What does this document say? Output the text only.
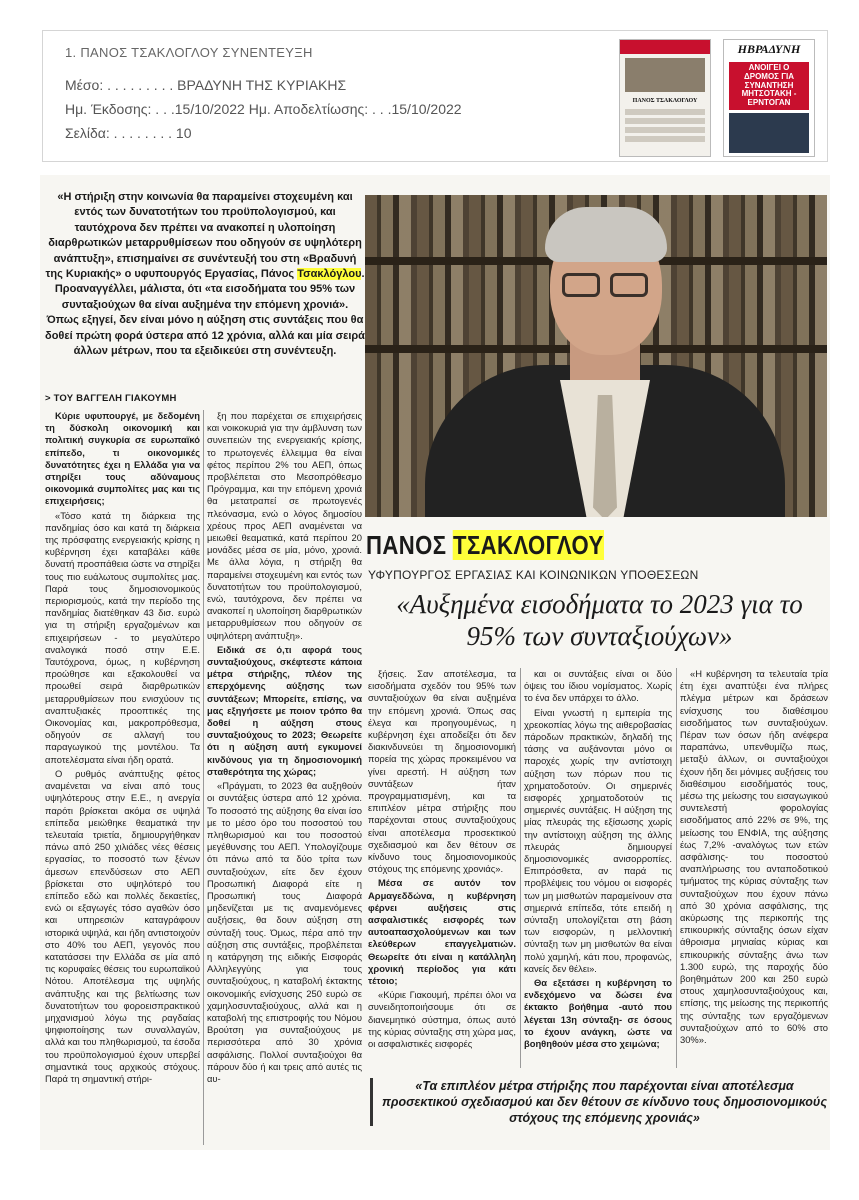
1. ΠΑΝΟΣ ΤΣΑΚΛΟΓΛΟΥ ΣΥΝΕΝΤΕΥΞΗ
Μέσο: . . . . . . . . . ΒΡΑΔΥΝΗ ΤΗΣ ΚΥΡΙΑΚΗΣ
Ημ. Έκδοσης: . . .15/10/2022 Ημ. Αποδελτίωσης: . . .15/10/2022
Σελίδα: . . . . . . . . 10
ΠΑΝΟΣ ΤΣΑΚΛΟΓΛΟΥ
ΗΒΡΑΔΥΝΗ
ΑΝΟΙΓΕΙ Ο ΔΡΟΜΟΣ ΓΙΑ ΣΥΝΑΝΤΗΣΗ ΜΗΤΣΟΤΑΚΗ - ΕΡΝΤΟΓΑΝ
«Η στήριξη στην κοινωνία θα παραμείνει στοχευμένη και εντός των δυνατοτήτων του προϋπολογισμού, και ταυτόχρονα δεν πρέπει να ανακοπεί η υλοποίηση διαρθρωτικών μεταρρυθμίσεων που οδηγούν σε υψηλότερη ανάπτυξη», επισημαίνει σε συνέντευξή του στη «Βραδυνή της Κυριακής» ο υφυπουργός Εργασίας, Πάνος Τσακλόγλου. Προαναγγέλλει, μάλιστα, ότι «τα εισοδήματα του 95% των συνταξιούχων θα είναι αυξημένα την επόμενη χρονιά». Όπως εξηγεί, δεν είναι μόνο η αύξηση στις συντάξεις που θα δοθεί πρώτη φορά ύστερα από 12 χρόνια, αλλά και μία σειρά άλλων μέτρων, που τα εξειδικεύει στη συνέντευξη.
> ΤΟΥ ΒΑΓΓΕΛΗ ΓΙΑΚΟΥΜΗ
ΠΑΝΟΣ ΤΣΑΚΛΟΓΛΟΥ
ΥΦΥΠΟΥΡΓΟΣ ΕΡΓΑΣΙΑΣ ΚΑΙ ΚΟΙΝΩΝΙΚΩΝ ΥΠΟΘΕΣΕΩΝ
«Αυξημένα εισοδήματα το 2023 για το 95% των συνταξιούχων»

Κύριε υφυπουργέ, με δεδομένη τη δύσκολη οικονομική και πολιτική συγκυρία σε ευρωπαϊκό επίπεδο, τι οικονομικές δυνατότητες έχει η Ελλάδα για να στηρίξει τους αδύναμους οικονομικά συμπολίτες μας και τις επιχειρήσεις;

«Τόσο κατά τη διάρκεια της πανδημίας όσο και κατά τη διάρκεια της πρόσφατης ενεργειακής κρίσης η κυβέρνηση έχει καταβάλει κάθε δυνατή προσπάθεια ώστε να στηρίξει τους πιο ευάλωτους συμπολίτες μας. Παρά τους δημοσιονομικούς περιορισμούς, κατά την περίοδο της πανδημίας διατέθηκαν 43 δισ. ευρώ για τη στήριξη εργαζομένων και επιχειρήσεων - το μεγαλύτερο αναλογικά ποσό στην Ε.Ε. Ταυτόχρονα, όμως, η κυβέρνηση προώθησε και εξακολουθεί να προωθεί σειρά διαρθρωτικών μεταρρυθμίσεων που ενισχύουν τις αναπτυξιακές προοπτικές της Οικονομίας και, μακροπρόθεσμα, οδηγούν σε αλλαγή του παραγωγικού της μοντέλου. Τα αποτελέσματα είναι ήδη ορατά.

Ο ρυθμός ανάπτυξης φέτος αναμένεται να είναι από τους υψηλότερους στην Ε.Ε., η ανεργία παρότι βρίσκεται ακόμα σε υψηλά επίπεδα μειώθηκε θεαματικά την τελευταία τριετία, δημιουργήθηκαν πάνω από 250 χιλιάδες νέες θέσεις εργασίας, το ποσοστό των ξένων άμεσων επενδύσεων στο ΑΕΠ βρίσκεται στο υψηλότερό του επίπεδο εδώ και πολλές δεκαετίες, ενώ οι εξαγωγές τόσο αγαθών όσο και υπηρεσιών καταγράφουν ιστορικά υψηλά, και ήδη αντιστοιχούν στο 40% του ΑΕΠ, γεγονός που κατατάσσει την Ελλάδα σε μία από τις κορυφαίες θέσεις του ευρωπαϊκού Νότου. Αποτέλεσμα της υψηλής ανάπτυξης και της βελτίωσης των δυνατοτήτων του φοροεισπρακτικού μηχανισμού λόγω της ραγδαίας ψηφιοποίησης των συναλλαγών, αλλά και του πληθωρισμού, τα έσοδα του προϋπολογισμού έχουν υπερβεί σημαντικά τους αρχικούς στόχους. Παρά τη σημαντική στήρι-

ξη που παρέχεται σε επιχειρήσεις και νοικοκυριά για την άμβλυνση των συνεπειών της ενεργειακής κρίσης, το πρωτογενές έλλειμμα θα είναι φέτος περίπου 2% του ΑΕΠ, όπως προβλέπεται στο Μεσοπρόθεσμο Πρόγραμμα, και την επόμενη χρονιά θα μετατραπεί σε πρωτογενές πλεόνασμα, ενώ ο λόγος δημοσίου χρέους προς ΑΕΠ αναμένεται να μειωθεί θεαματικά, κατά περίπου 20 μονάδες μέσα σε μία, μόνο, χρονιά. Με άλλα λόγια, η στήριξη θα παραμείνει στοχευμένη και εντός των δυνατοτήτων του προϋπολογισμού, ενώ, ταυτόχρονα, δεν πρέπει να ανακοπεί η υλοποίηση διαρθρωτικών μεταρρυθμίσεων που οδηγούν σε υψηλότερη ανάπτυξη».

Ειδικά σε ό,τι αφορά τους συνταξιούχους, σκέφτεστε κάποια μέτρα στήριξης, πλέον της επερχόμενης αύξησης των συντάξεων; Μπορείτε, επίσης, να μας εξηγήσετε με ποιον τρόπο θα δοθεί η αύξηση στους συνταξιούχους το 2023; Θεωρείτε ότι η αύξηση αυτή εγκυμονεί κινδύνους για τη δημοσιονομική σταθερότητα της χώρας;

«Πράγματι, το 2023 θα αυξηθούν οι συντάξεις ύστερα από 12 χρόνια. Το ποσοστό της αύξησης θα είναι ίσο με το μέσο όρο του ποσοστού του πληθωρισμού και του ποσοστού μεγέθυνσης του ΑΕΠ. Υπολογίζουμε ότι πάνω από τα δύο τρίτα των συνταξιούχων, είτε δεν έχουν Προσωπική Διαφορά είτε η Προσωπική τους Διαφορά μηδενίζεται με τις αναμενόμενες αυξήσεις, θα δουν αύξηση στη σύνταξή τους. Όμως, πέρα από την αύξηση στις συντάξεις, προβλέπεται η κατάργηση της ειδικής Εισφοράς Αλληλεγγύης για τους συνταξιούχους, η καταβολή έκτακτης οικονομικής ενίσχυσης 250 ευρώ σε χαμηλοσυνταξιούχους, αλλά και η καταβολή της επιστροφής του Νόμου Βρούτση για συνταξιούχους με περισσότερα από 30 χρόνια ασφάλισης. Πολλοί συνταξιούχοι θα πάρουν δύο ή και τρεις από αυτές τις αυ-

ξήσεις. Σαν αποτέλεσμα, τα εισοδήματα σχεδόν του 95% των συνταξιούχων θα είναι αυξημένα την επόμενη χρονιά. Όπως σας έλεγα και προηγουμένως, η κυβέρνηση έχει αποδείξει ότι δεν διακινδυνεύει τη δημοσιονομική πορεία της χώρας προκειμένου να γίνει αρεστή. Η αύξηση των συντάξεων ήταν προγραμματισμένη, και τα επιπλέον μέτρα στήριξης που παρέχονται στους συνταξιούχους είναι αποτέλεσμα προσεκτικού σχεδιασμού και δεν θέτουν σε κίνδυνο τους δημοσιονομικούς στόχους της επόμενης χρονιάς».

Μέσα σε αυτόν τον Αρμαγεδδώνα, η κυβέρνηση φέρνει αυξήσεις στις ασφαλιστικές εισφορές των αυτοαπασχολούμενων και των ελεύθερων επαγγελματιών. Θεωρείτε ότι είναι η κατάλληλη χρονική περίοδος για κάτι τέτοιο;

«Κύριε Γιακουμή, πρέπει όλοι να συνειδητοποιήσουμε ότι σε διανεμητικό σύστημα, όπως αυτό της κύριας σύνταξης στη χώρα μας, οι ασφαλιστικές εισφορές

και οι συντάξεις είναι οι δύο όψεις του ίδιου νομίσματος. Χωρίς το ένα δεν υπάρχει το άλλο.

Είναι γνωστή η εμπειρία της χρεοκοπίας λόγω της αιθεροβασίας πάροδων πρακτικών, δηλαδή της τάσης να αυξάνονται μόνο οι παροχές χωρίς την αντίστοιχη αύξηση των πόρων που τις χρηματοδοτούν. Οι σημερινές εισφορές χρηματοδοτούν τις σημερινές συντάξεις. Η αύξηση της μίας πλευράς της εξίσωσης χωρίς την αντίστοιχη αύξηση της άλλης πλευράς δημιουργεί δημοσιονομικές ανισορροπίες. Επιπρόσθετα, αν παρά τις προβλέψεις του νόμου οι εισφορές των μη μισθωτών παραμείνουν στα σημερινά επίπεδα, τότε επειδή η σύνταξη υπολογίζεται στη βάση των εισφορών, η μελλοντική σύνταξη των μη μισθωτών θα είναι πολύ χαμηλή, κάτι που, προφανώς, κανείς δεν θέλει».

Θα εξετάσει η κυβέρνηση το ενδεχόμενο να δώσει ένα έκτακτο βοήθημα -αυτό που λέγεται 13η σύνταξη- σε όσους το έχουν ανάγκη, ώστε να βοηθηθούν μέσα στο χειμώνα;

«Η κυβέρνηση τα τελευταία τρία έτη έχει αναπτύξει ένα πλήρες πλέγμα μέτρων και δράσεων ενίσχυσης του διαθέσιμου εισοδήματος των συνταξιούχων. Πέραν των όσων ήδη ανέφερα παραπάνω, υπενθυμίζω πως, μεταξύ άλλων, οι συνταξιούχοι έχουν ήδη δει μόνιμες αυξήσεις του διαθέσιμου εισοδήματός τους, μέσω της μείωσης του εισαγωγικού συντελεστή φορολογίας εισοδήματος από 22% σε 9%, της μείωσης του ΕΝΦΙΑ, της αύξησης έως 7,2% -αναλόγως των ετών ασφάλισης- του ποσοστού αναπλήρωσης του ανταποδοτικού τμήματος της κύριας σύνταξης των συνταξιούχων που έχουν πάνω από 30 χρόνια ασφάλισης, της ακύρωσης της περικοπής της επικουρικής σύνταξης όσων είχαν άθροισμα μηνιαίας κύριας και επικουρικής σύνταξης άνω των 1.300 ευρώ, της παροχής δύο βοηθημάτων 200 και 250 ευρώ στους χαμηλοσυνταξιούχους και, επίσης, της μείωσης της περικοπής της σύνταξης των εργαζόμενων συνταξιούχων από το 60% στο 30%».

«Τα επιπλέον μέτρα στήριξης που παρέχονται είναι αποτέλεσμα προσεκτικού σχεδιασμού και δεν θέτουν σε κίνδυνο τους δημοσιονομικούς στόχους της επόμενης χρονιάς»
